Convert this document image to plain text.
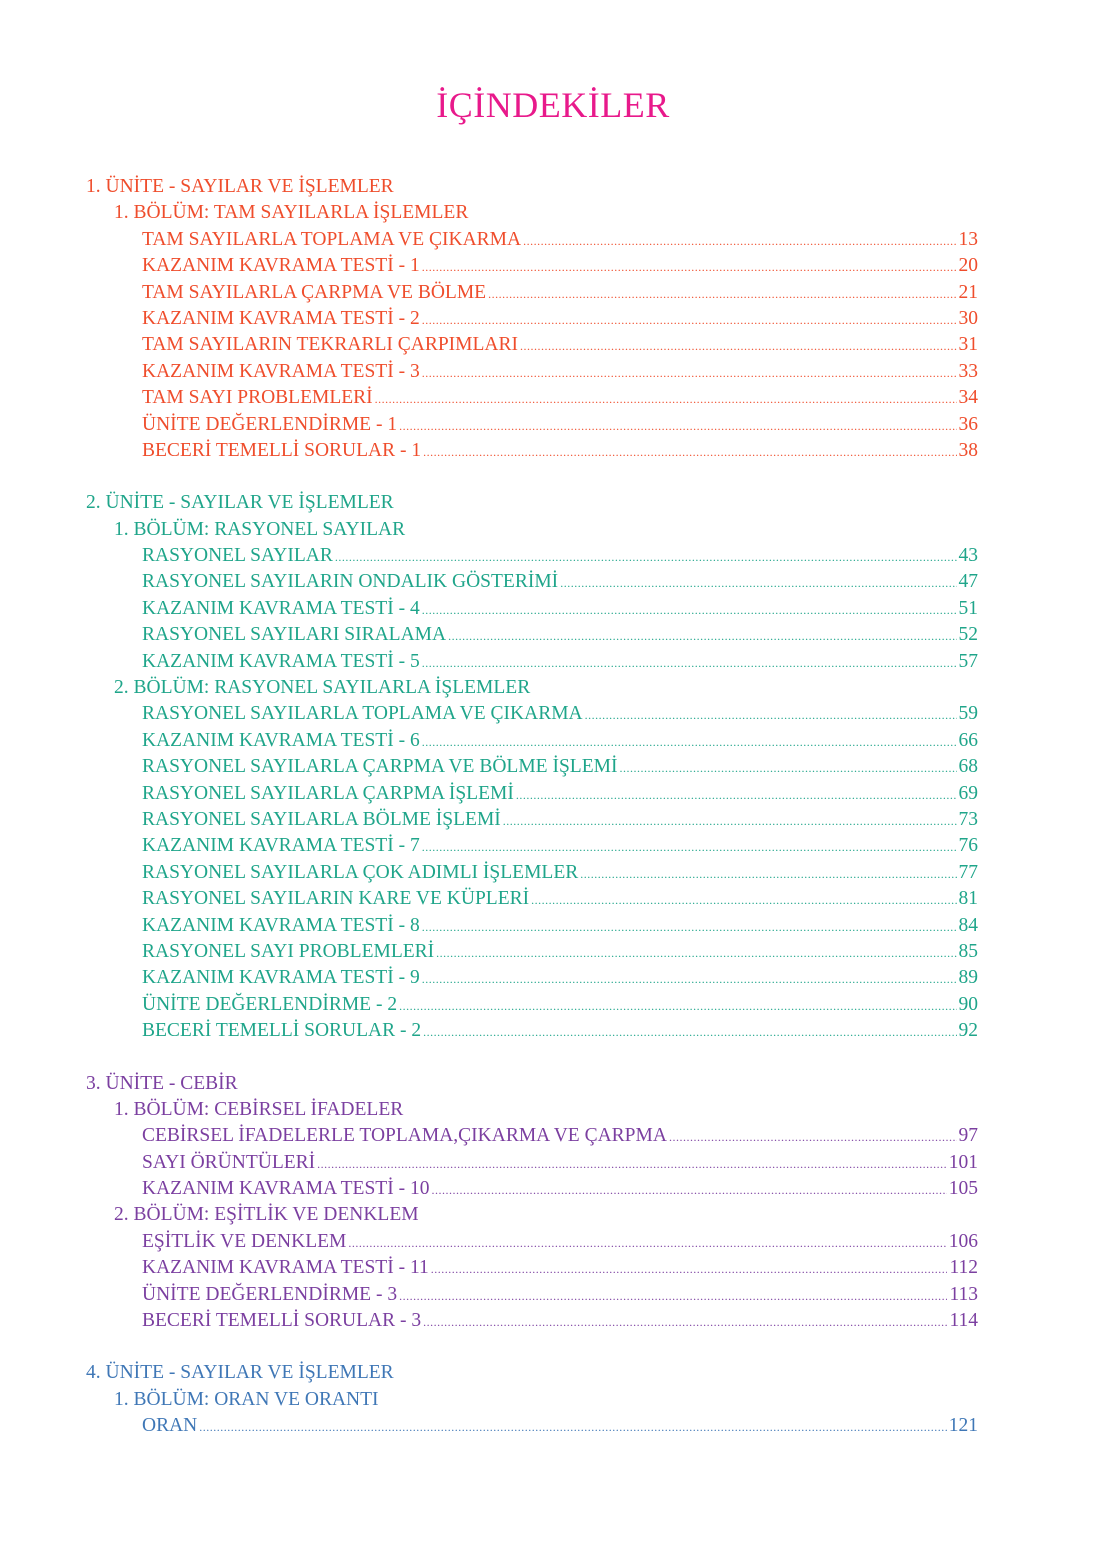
İÇİNDEKİLER
1. ÜNİTE - SAYILAR VE İŞLEMLER
1. BÖLÜM: TAM SAYILARLA İŞLEMLER
TAM SAYILARLA TOPLAMA VE ÇIKARMA .....	13
KAZANIM KAVRAMA TESTİ - 1 .....	20
TAM SAYILARLA ÇARPMA VE BÖLME .....	21
KAZANIM KAVRAMA TESTİ - 2 .....	30
TAM SAYILARIN TEKRARLI ÇARPIMLARI .....	31
KAZANIM KAVRAMA TESTİ - 3 .....	33
TAM SAYI PROBLEMLERİ .....	34
ÜNİTE DEĞERLENDİRME - 1 .....	36
BECERİ TEMELLİ SORULAR - 1 .....	38
2. ÜNİTE - SAYILAR VE İŞLEMLER
1. BÖLÜM: RASYONEL SAYILAR
RASYONEL SAYILAR .....	43
RASYONEL SAYILARIN ONDALIK GÖSTERİMİ .....	47
KAZANIM KAVRAMA TESTİ - 4 .....	51
RASYONEL SAYILARI SIRALAMA .....	52
KAZANIM KAVRAMA TESTİ - 5 .....	57
2. BÖLÜM: RASYONEL SAYILARLA İŞLEMLER
RASYONEL SAYILARLA TOPLAMA VE ÇIKARMA .....	59
KAZANIM KAVRAMA TESTİ - 6 .....	66
RASYONEL SAYILARLA ÇARPMA VE BÖLME İŞLEMİ .....	68
RASYONEL SAYILARLA ÇARPMA İŞLEMİ .....	69
RASYONEL SAYILARLA BÖLME İŞLEMİ .....	73
KAZANIM KAVRAMA TESTİ - 7 .....	76
RASYONEL SAYILARLA ÇOK ADIMLI İŞLEMLER .....	77
RASYONEL SAYILARIN KARE VE KÜPLERİ .....	81
KAZANIM KAVRAMA TESTİ - 8 .....	84
RASYONEL SAYI PROBLEMLERİ .....	85
KAZANIM KAVRAMA TESTİ - 9 .....	89
ÜNİTE DEĞERLENDİRME - 2 .....	90
BECERİ TEMELLİ SORULAR - 2 .....	92
3. ÜNİTE - CEBİR
1. BÖLÜM: CEBİRSEL İFADELER
CEBİRSEL İFADELERLE TOPLAMA,ÇIKARMA VE ÇARPMA .....	97
SAYI ÖRÜNTÜLERİ .....	101
KAZANIM KAVRAMA TESTİ - 10 .....	105
2. BÖLÜM: EŞİTLİK VE DENKLEM
EŞİTLİK VE DENKLEM .....	106
KAZANIM KAVRAMA TESTİ - 11 .....	112
ÜNİTE DEĞERLENDİRME - 3 .....	113
BECERİ TEMELLİ SORULAR - 3 .....	114
4. ÜNİTE - SAYILAR VE İŞLEMLER
1. BÖLÜM: ORAN VE ORANTI
ORAN .....	121
